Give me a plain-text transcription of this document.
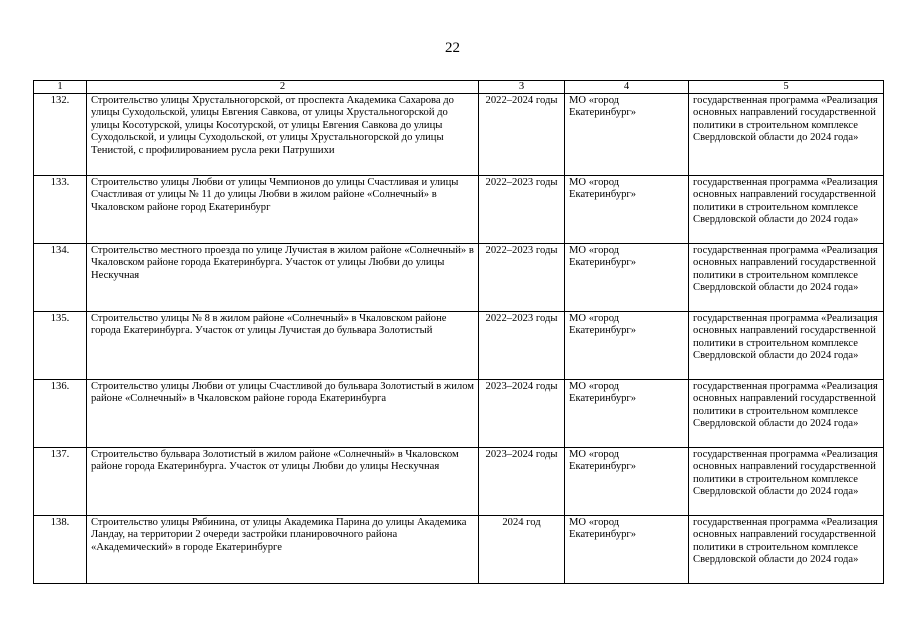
22
1	2	3	4	5
132.	Строительство улицы Хрустальногорской, от проспекта Академика Сахарова до улицы Суходольской, улицы Евгения Савкова, от улицы Хрустальногорской до улицы Косотурской, улицы Косотурской, от улицы Евгения Савкова до улицы Суходольской, и улицы Суходольской, от улицы Хрустальногорской до улицы Тенистой, с профилированием русла реки Патрушихи	2022–2024 годы	МО «город Екатеринбург»	государственная программа «Реализация основных направлений государственной политики в строительном комплексе Свердловской области до 2024 года»
133.	Строительство улицы Любви от улицы Чемпионов до улицы Счастливая и улицы Счастливая от улицы № 11 до улицы Любви в жилом районе «Солнечный» в Чкаловском районе город Екатеринбург	2022–2023 годы	МО «город Екатеринбург»	государственная программа «Реализация основных направлений государственной политики в строительном комплексе Свердловской области до 2024 года»
134.	Строительство местного проезда по улице Лучистая в жилом районе «Солнечный» в Чкаловском районе города Екатеринбурга. Участок от улицы Любви до улицы Нескучная	2022–2023 годы	МО «город Екатеринбург»	государственная программа «Реализация основных направлений государственной политики в строительном комплексе Свердловской области до 2024 года»
135.	Строительство улицы № 8 в жилом районе «Солнечный» в Чкаловском районе города Екатеринбурга. Участок от улицы Лучистая до бульвара Золотистый	2022–2023 годы	МО «город Екатеринбург»	государственная программа «Реализация основных направлений государственной политики в строительном комплексе Свердловской области до 2024 года»
136.	Строительство улицы Любви от улицы Счастливой до бульвара Золотистый в жилом районе «Солнечный» в Чкаловском районе города Екатеринбурга	2023–2024 годы	МО «город Екатеринбург»	государственная программа «Реализация основных направлений государственной политики в строительном комплексе Свердловской области до 2024 года»
137.	Строительство бульвара Золотистый в жилом районе «Солнечный» в Чкаловском районе города Екатеринбурга. Участок от улицы Любви до улицы Нескучная	2023–2024 годы	МО «город Екатеринбург»	государственная программа «Реализация основных направлений государственной политики в строительном комплексе Свердловской области до 2024 года»
138.	Строительство улицы Рябинина, от улицы Академика Парина до улицы Академика Ландау, на территории 2 очереди застройки планировочного района «Академический» в городе Екатеринбурге	2024 год	МО «город Екатеринбург»	государственная программа «Реализация основных направлений государственной политики в строительном комплексе Свердловской области до 2024 года»
